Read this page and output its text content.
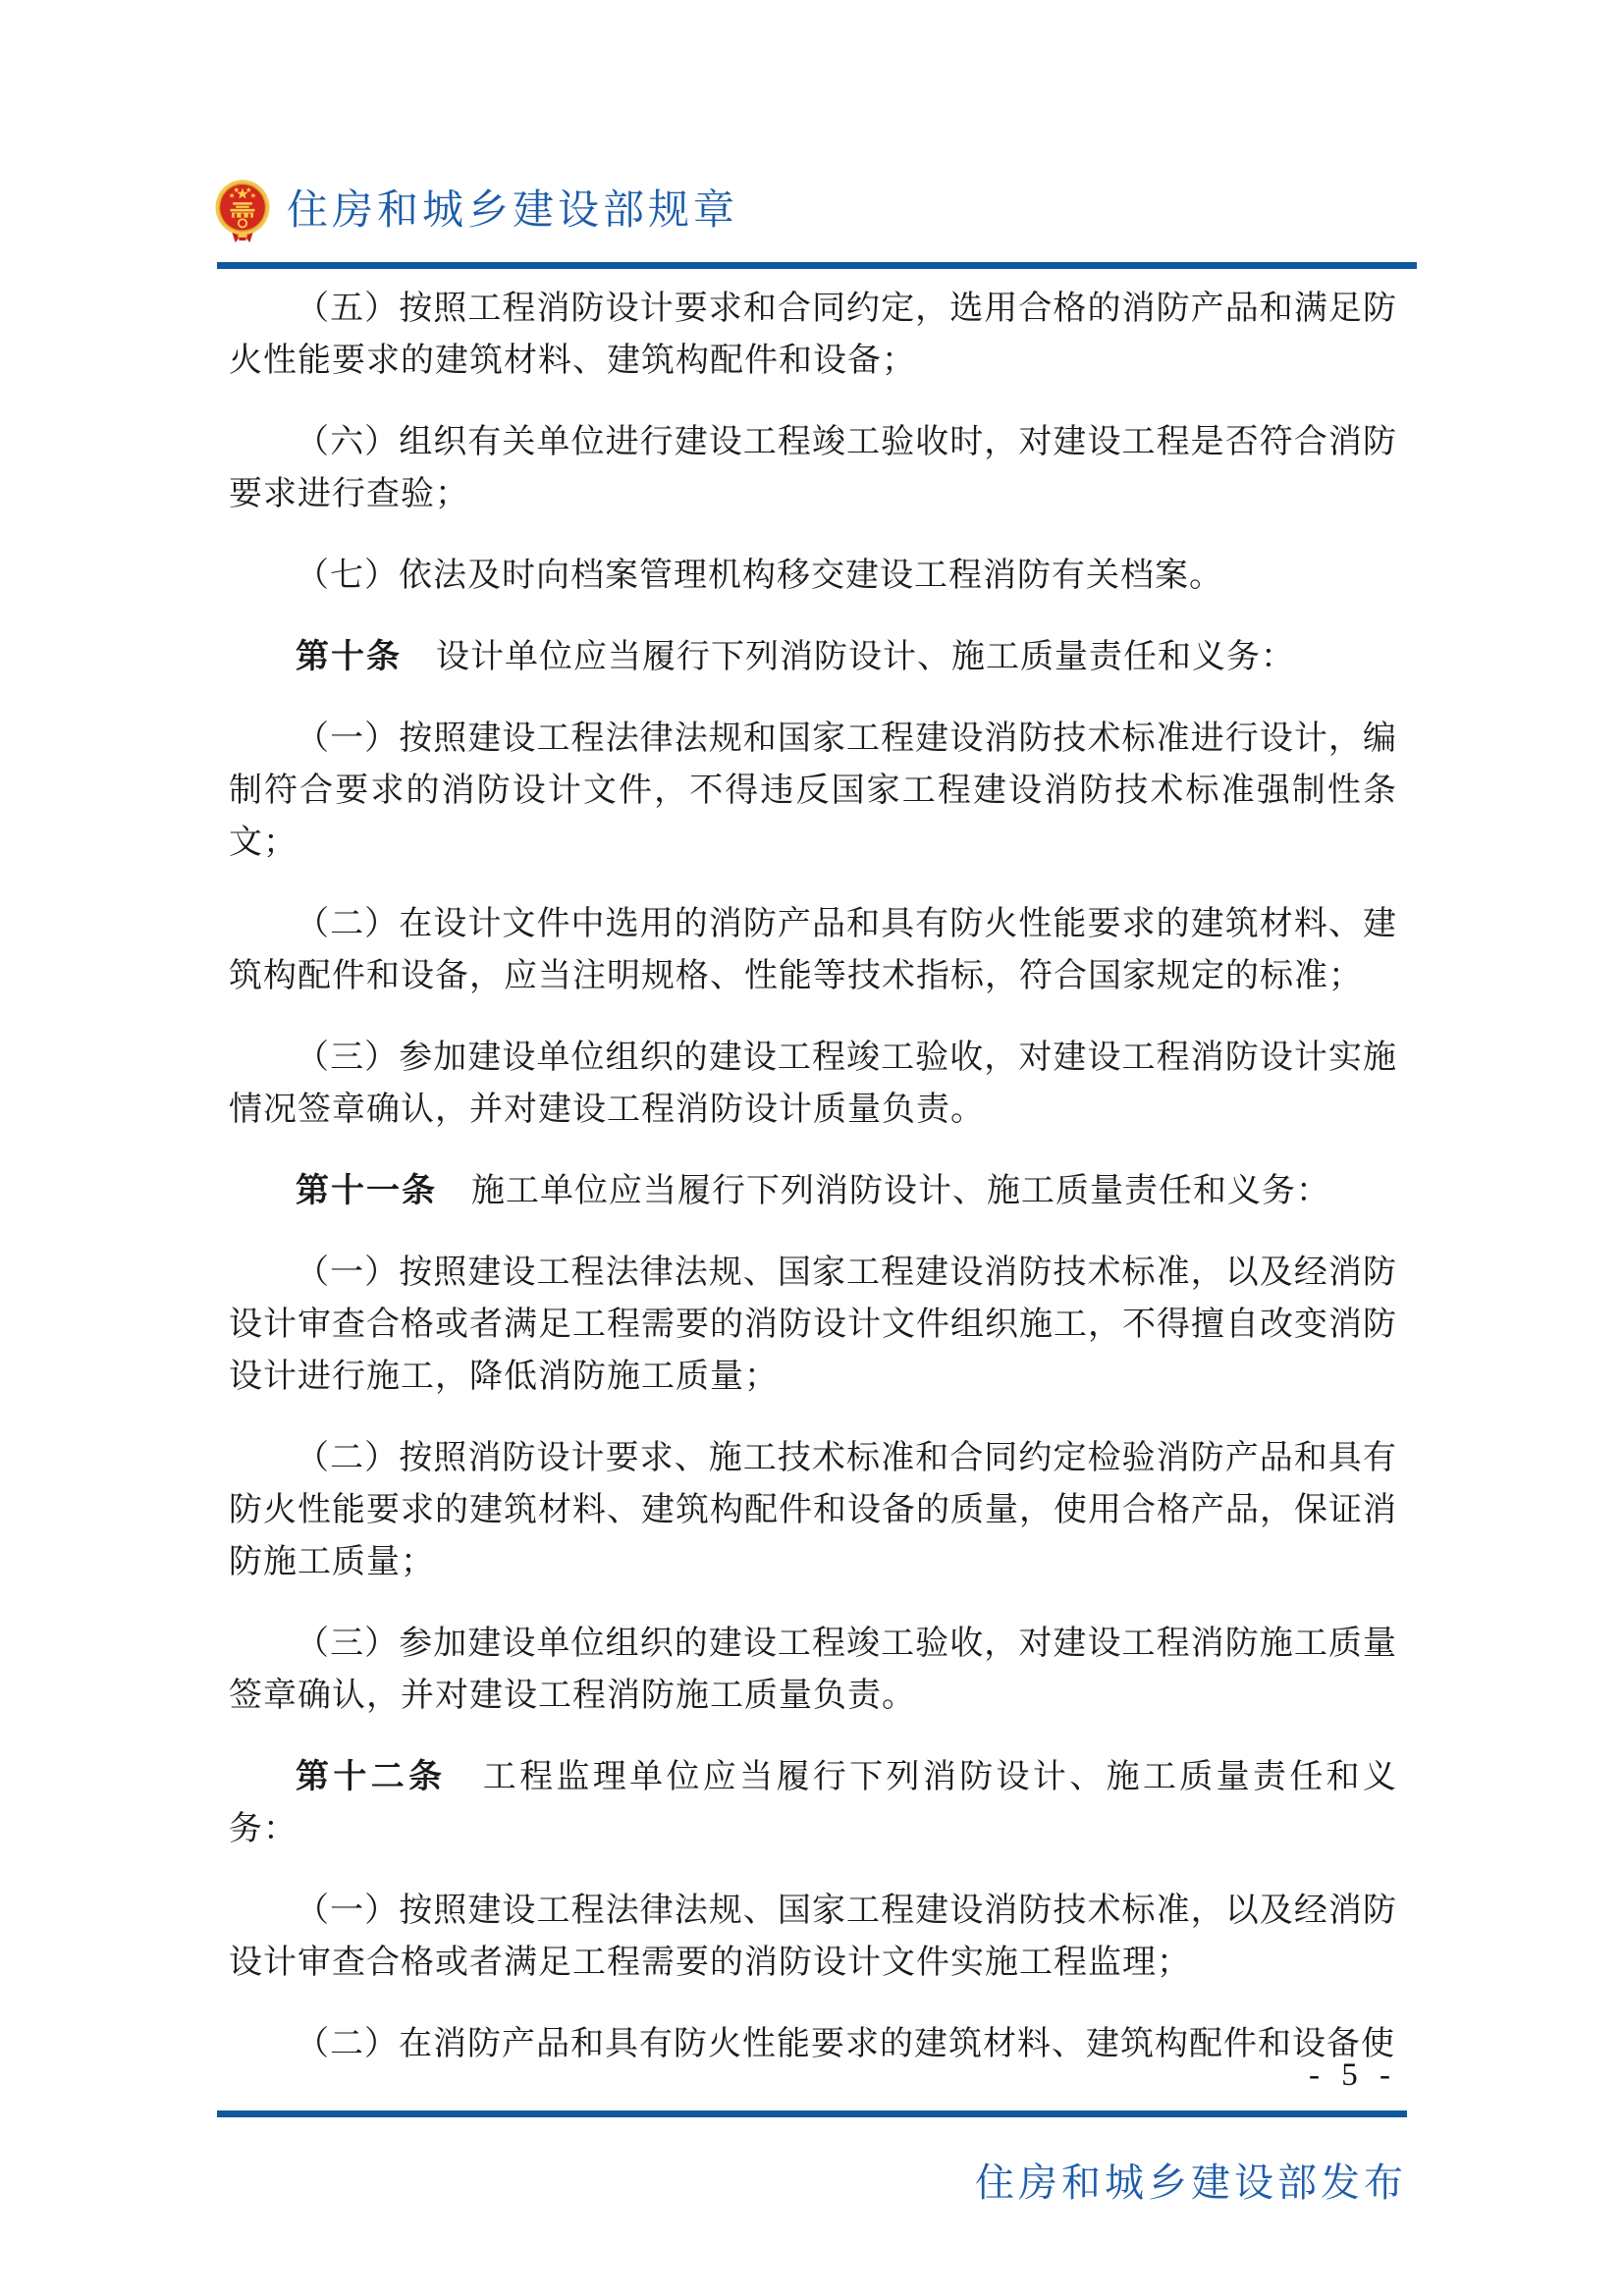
住房和城乡建设部规章

（五）按照工程消防设计要求和合同约定，选用合格的消防产品和满足防火性能要求的建筑材料、建筑构配件和设备；

（六）组织有关单位进行建设工程竣工验收时，对建设工程是否符合消防要求进行查验；

（七）依法及时向档案管理机构移交建设工程消防有关档案。

第十条　设计单位应当履行下列消防设计、施工质量责任和义务：

（一）按照建设工程法律法规和国家工程建设消防技术标准进行设计，编制符合要求的消防设计文件，不得违反国家工程建设消防技术标准强制性条文；

（二）在设计文件中选用的消防产品和具有防火性能要求的建筑材料、建筑构配件和设备，应当注明规格、性能等技术指标，符合国家规定的标准；

（三）参加建设单位组织的建设工程竣工验收，对建设工程消防设计实施情况签章确认，并对建设工程消防设计质量负责。

第十一条　施工单位应当履行下列消防设计、施工质量责任和义务：

（一）按照建设工程法律法规、国家工程建设消防技术标准，以及经消防设计审查合格或者满足工程需要的消防设计文件组织施工，不得擅自改变消防设计进行施工，降低消防施工质量；

（二）按照消防设计要求、施工技术标准和合同约定检验消防产品和具有防火性能要求的建筑材料、建筑构配件和设备的质量，使用合格产品，保证消防施工质量；

（三）参加建设单位组织的建设工程竣工验收，对建设工程消防施工质量签章确认，并对建设工程消防施工质量负责。

第十二条　工程监理单位应当履行下列消防设计、施工质量责任和义务：

（一）按照建设工程法律法规、国家工程建设消防技术标准，以及经消防设计审查合格或者满足工程需要的消防设计文件实施工程监理；

（二）在消防产品和具有防火性能要求的建筑材料、建筑构配件和设备使

- 5 -
住房和城乡建设部发布
